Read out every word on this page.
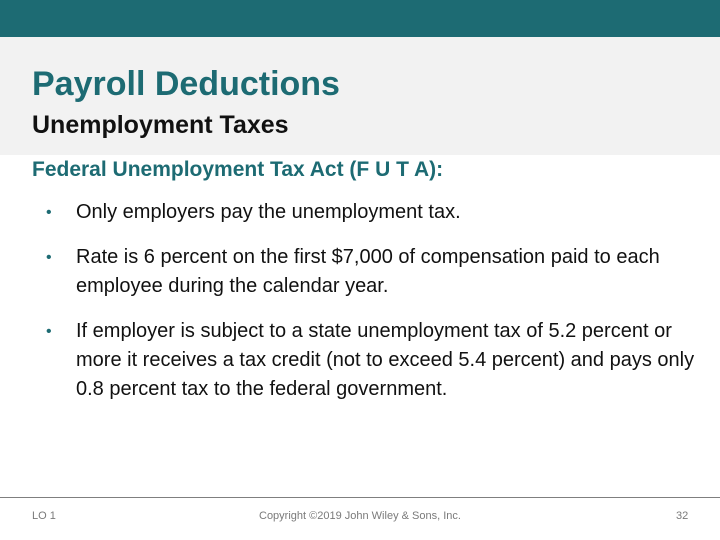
Payroll Deductions
Unemployment Taxes
Federal Unemployment Tax Act (F U T A):
• Only employers pay the unemployment tax.
• Rate is 6 percent on the first $7,000 of compensation paid to each employee during the calendar year.
• If employer is subject to a state unemployment tax of 5.2 percent or more it receives a tax credit (not to exceed 5.4 percent) and pays only 0.8 percent tax to the federal government.
LO 1	Copyright ©2019 John Wiley & Sons, Inc.	32
